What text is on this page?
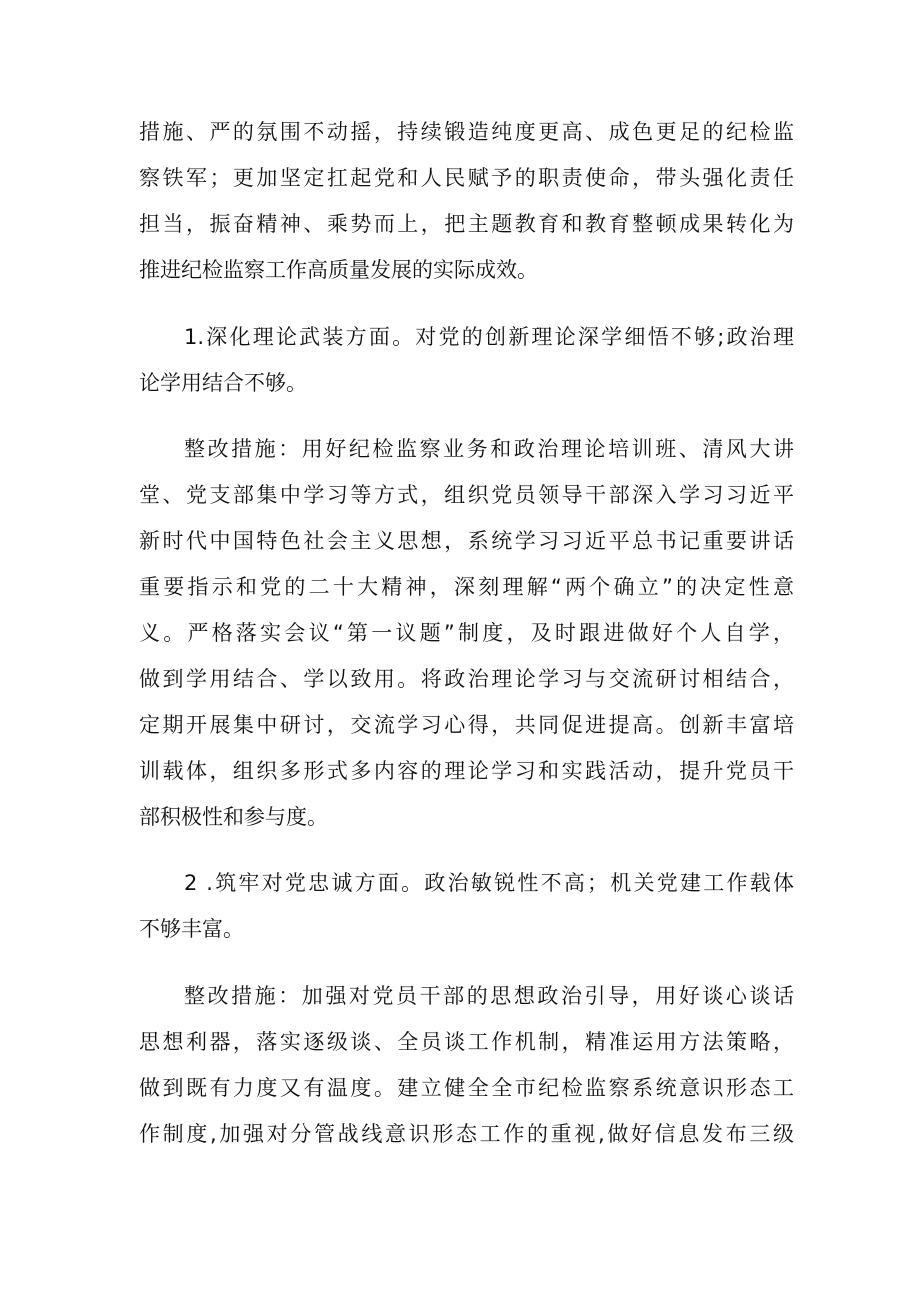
措施、严的氛围不动摇，持续锻造纯度更高、成色更足的纪检监
察铁军；更加坚定扛起党和人民赋予的职责使命，带头强化责任
担当，振奋精神、乘势而上，把主题教育和教育整顿成果转化为
推进纪检监察工作高质量发展的实际成效。
1.深化理论武装方面。对党的创新理论深学细悟不够;政治理
论学用结合不够。
整改措施：用好纪检监察业务和政治理论培训班、清风大讲
堂、党支部集中学习等方式，组织党员领导干部深入学习习近平
新时代中国特色社会主义思想，系统学习习近平总书记重要讲话
重要指示和党的二十大精神，深刻理解“两个确立”的决定性意
义。严格落实会议“第一议题”制度，及时跟进做好个人自学，
做到学用结合、学以致用。将政治理论学习与交流研讨相结合，
定期开展集中研讨，交流学习心得，共同促进提高。创新丰富培
训载体，组织多形式多内容的理论学习和实践活动，提升党员干
部积极性和参与度。
2 .筑牢对党忠诚方面。政治敏锐性不高；机关党建工作载体
不够丰富。
整改措施：加强对党员干部的思想政治引导，用好谈心谈话
思想利器，落实逐级谈、全员谈工作机制，精准运用方法策略，
做到既有力度又有温度。建立健全全市纪检监察系统意识形态工
作制度,加强对分管战线意识形态工作的重视,做好信息发布三级
